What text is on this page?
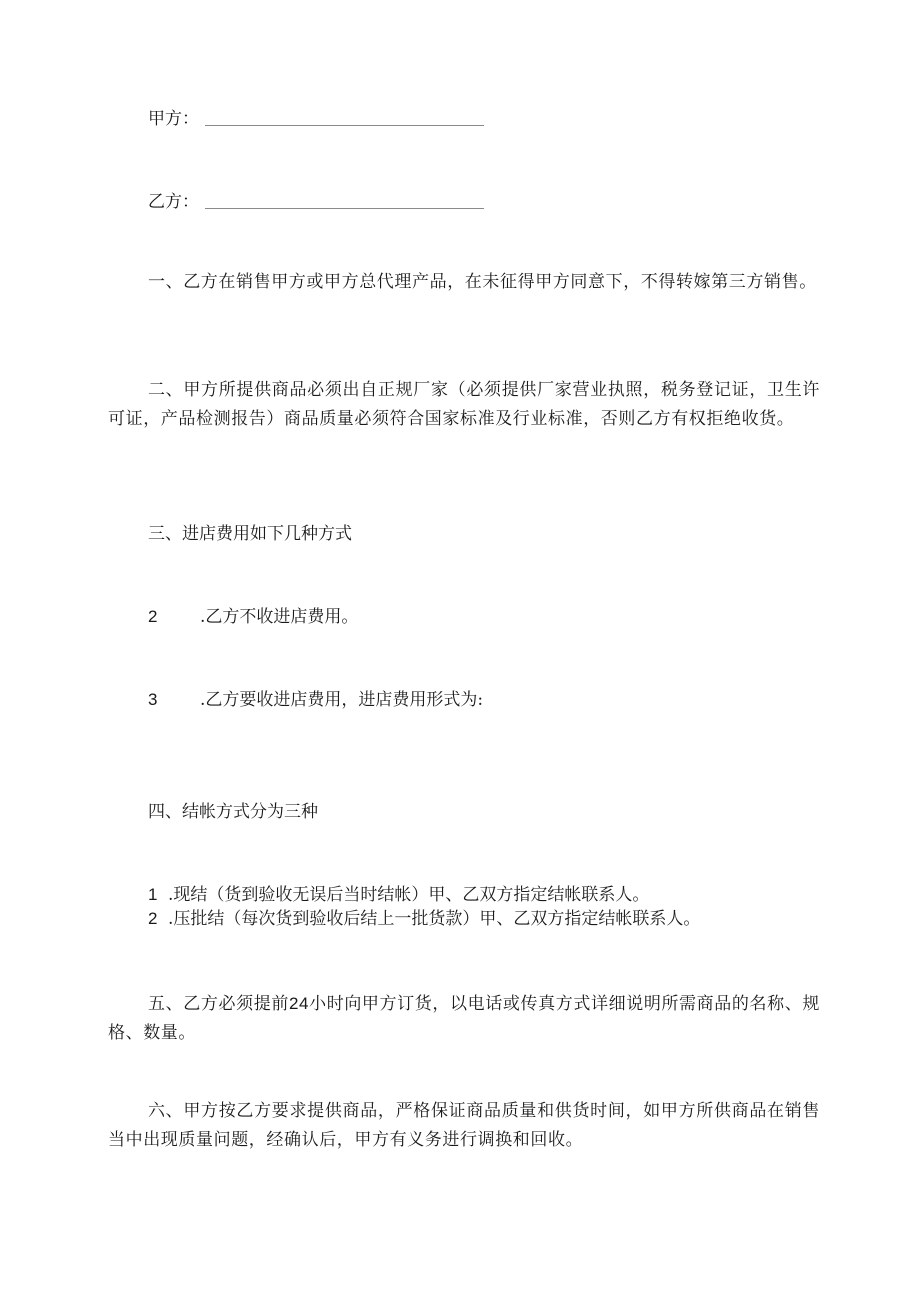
甲方：
乙方：
一、乙方在销售甲方或甲方总代理产品，在未征得甲方同意下，不得转嫁第三方销售。
二、甲方所提供商品必须出自正规厂家（必须提供厂家营业执照，税务登记证，卫生许可证，产品检测报告）商品质量必须符合国家标准及行业标准，否则乙方有权拒绝收货。
三、进店费用如下几种方式
2	.乙方不收进店费用。
3	.乙方要收进店费用，进店费用形式为:
四、结帐方式分为三种
1 .现结（货到验收无误后当时结帐）甲、乙双方指定结帐联系人。
2 .压批结（每次货到验收后结上一批货款）甲、乙双方指定结帐联系人。
五、乙方必须提前24小时向甲方订货，以电话或传真方式详细说明所需商品的名称、规格、数量。
六、甲方按乙方要求提供商品，严格保证商品质量和供货时间，如甲方所供商品在销售当中出现质量问题，经确认后，甲方有义务进行调换和回收。
